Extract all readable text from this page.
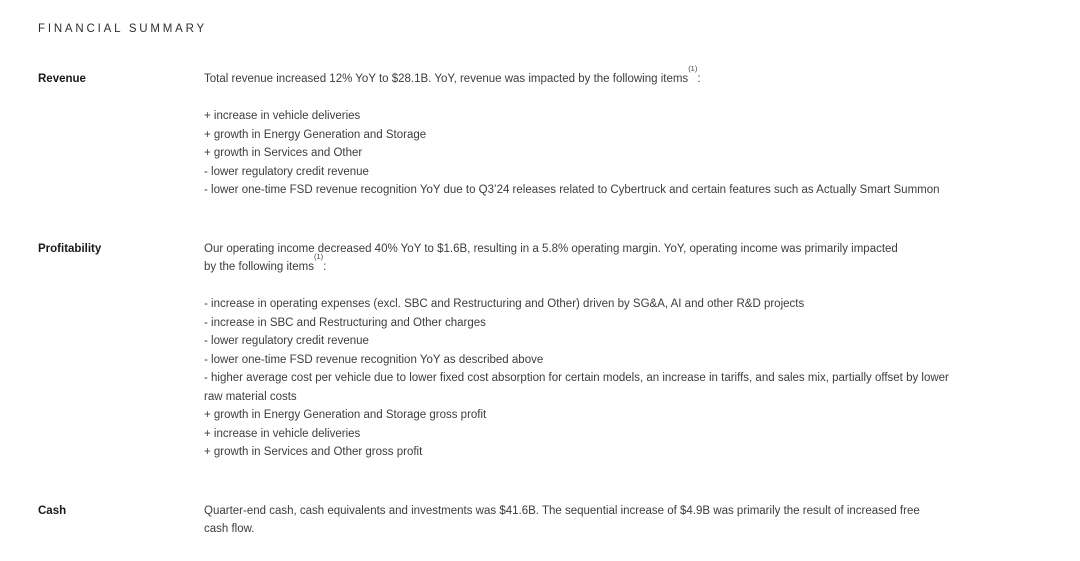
FINANCIAL SUMMARY
Revenue	Total revenue increased 12% YoY to $28.1B. YoY, revenue was impacted by the following items$^{(1)}$:

+ increase in vehicle deliveries

+ growth in Energy Generation and Storage

+ growth in Services and Other

- lower regulatory credit revenue

- lower one-time FSD revenue recognition YoY due to Q3’24 releases related to Cybertruck and certain features such as Actually Smart Summon

Profitability	Our operating income decreased 40% YoY to $1.6B, resulting in a 5.8% operating margin. YoY, operating income was primarily impacted

by the following items$^{(1)}$:

- increase in operating expenses (excl. SBC and Restructuring and Other) driven by SG&A, AI and other R&D projects

- increase in SBC and Restructuring and Other charges

- lower regulatory credit revenue

- lower one-time FSD revenue recognition YoY as described above

- higher average cost per vehicle due to lower fixed cost absorption for certain models, an increase in tariffs, and sales mix, partially offset by lower raw material costs

+ growth in Energy Generation and Storage gross profit

+ increase in vehicle deliveries

+ growth in Services and Other gross profit

Cash	Quarter-end cash, cash equivalents and investments was $41.6B. The sequential increase of $4.9B was primarily the result of increased free

cash flow.
